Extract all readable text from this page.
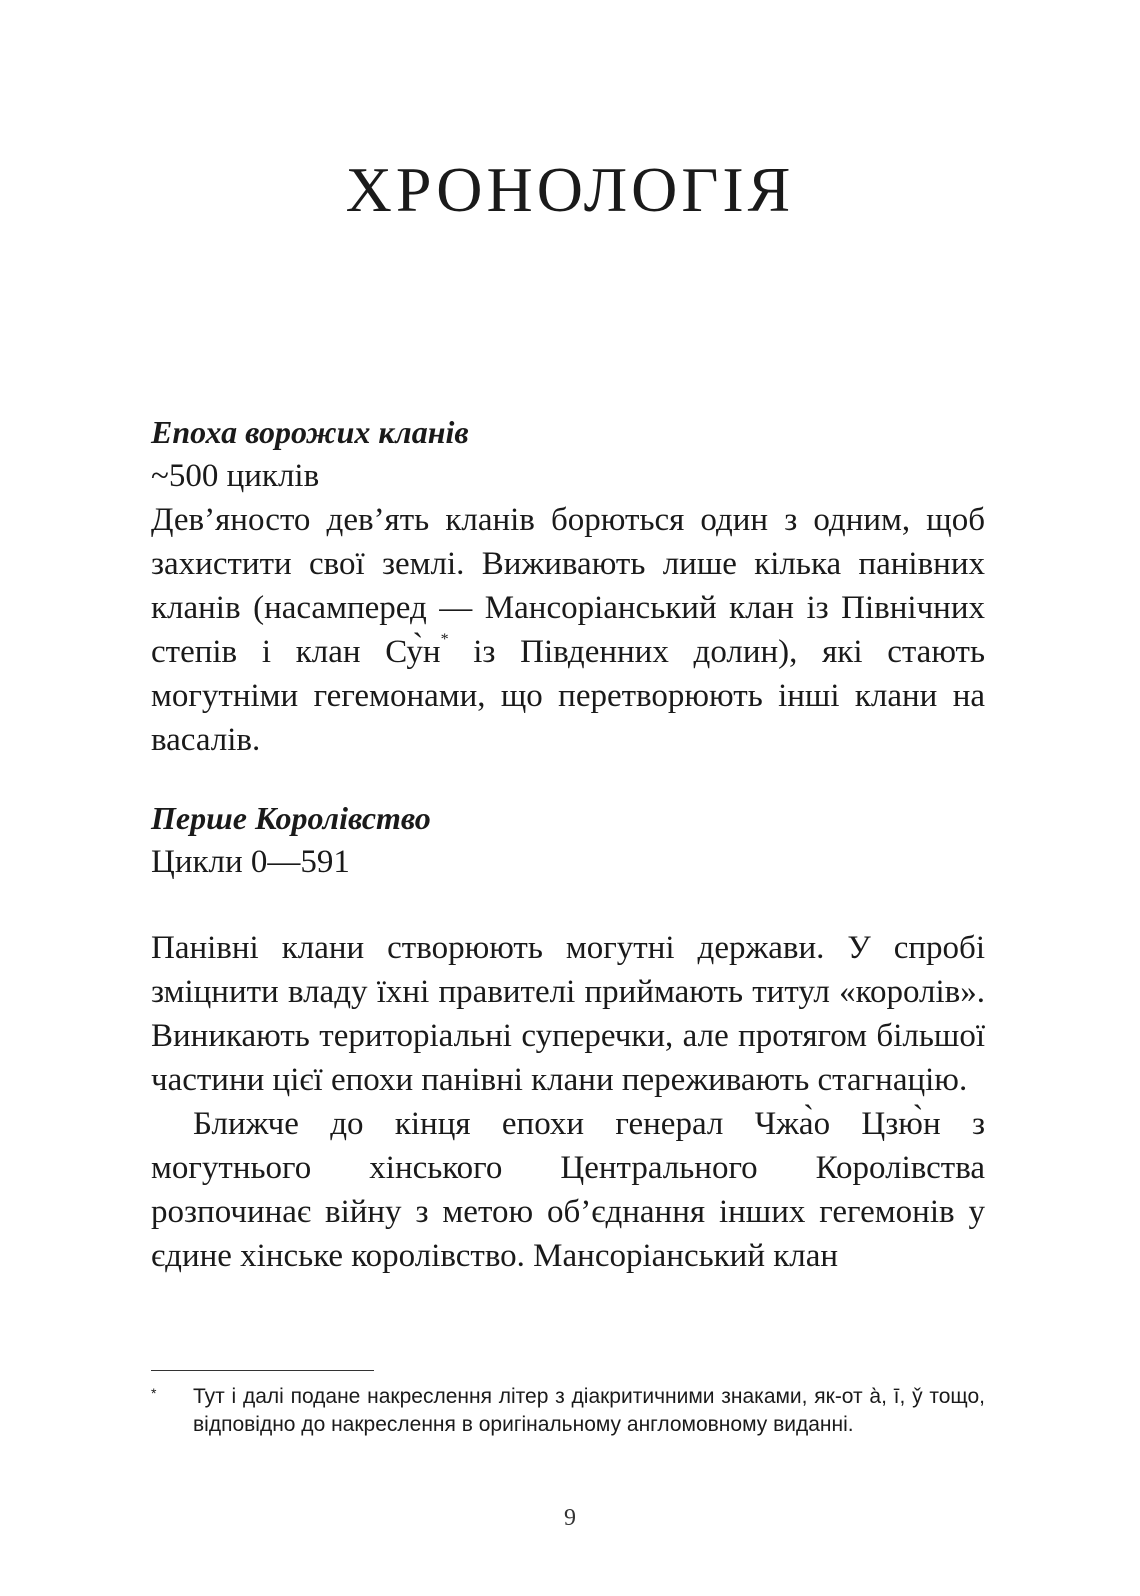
ХРОНОЛОГІЯ

Епоха ворожих кланів

~500 циклів

Дев’яносто дев’ять кланів борються один з одним, щоб захистити свої землі. Виживають лише кілька панівних кланів (насамперед — Мансоріанський клан із Північних степів і клан Су̀н* із Південних долин), які стають могутніми гегемонами, що перетворюють інші клани на васалів.

Перше Королівство

Цикли 0—591

Панівні клани створюють могутні держави. У спробі зміцнити владу їхні правителі приймають титул «королів». Виникають територіальні суперечки, але протягом більшої частини цієї епохи панівні клани переживають стагнацію.

Ближче до кінця епохи генерал Чжа̀о Цзю̀н з могутнього хінського Центрального Королівства розпочинає війну з метою об’єднання інших гегемонів у єдине хінське королівство. Мансоріанський клан

*	Тут і далі подане накреслення літер з діакритичними знаками, як-от а̀, ī, у̌ тощо, відповідно до накреслення в оригінальному англомовному виданні.
9
